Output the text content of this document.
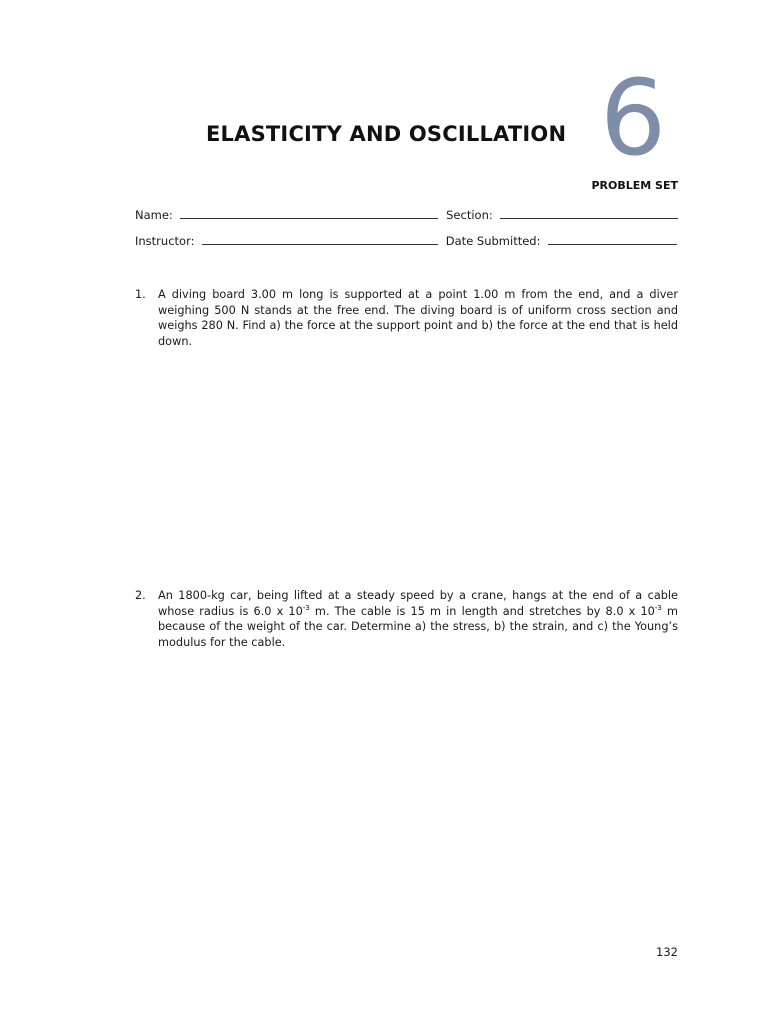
ELASTICITY AND OSCILLATION 6
PROBLEM SET
Name:	Section:
Instructor:	Date Submitted:
1.	A diving board 3.00 m long is supported at a point 1.00 m from the end, and a diver weighing 500 N stands at the free end. The diving board is of uniform cross section and weighs 280 N. Find a) the force at the support point and b) the force at the end that is held down.
2.	An 1800-kg car, being lifted at a steady speed by a crane, hangs at the end of a cable whose radius is 6.0 x $10^{-3}$ m. The cable is 15 m in length and stretches by 8.0 x $10^{-3}$ m because of the weight of the car. Determine a) the stress, b) the strain, and c) the Young’s modulus for the cable.
132
